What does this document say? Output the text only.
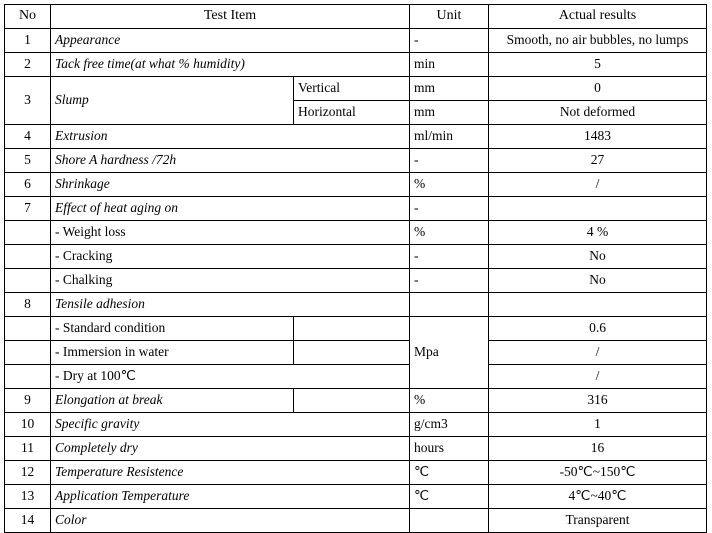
No	Test Item		Unit	Actual results
1	Appearance		-	Smooth, no air bubbles, no lumps
2	Tack free time(at what % humidity)		min	5
3	Slump	Vertical	mm	0
		Horizontal	mm	Not deformed
4	Extrusion		ml/min	1483
5	Shore A hardness /72h		-	27
6	Shrinkage		%	/
7	Effect of heat aging on		-	
	- Weight loss		%	4 %
	- Cracking		-	No
	- Chalking		-	No
8	Tensile adhesion			
	- Standard condition		Mpa	0.6
	- Immersion in water			/
	- Dry at 100℃			/
9	Elongation at break		%	316
10	Specific gravity		g/cm3	1
11	Completely dry		hours	16
12	Temperature Resistence		℃	-50℃~150℃
13	Application Temperature		℃	4℃~40℃
14	Color			Transparent
